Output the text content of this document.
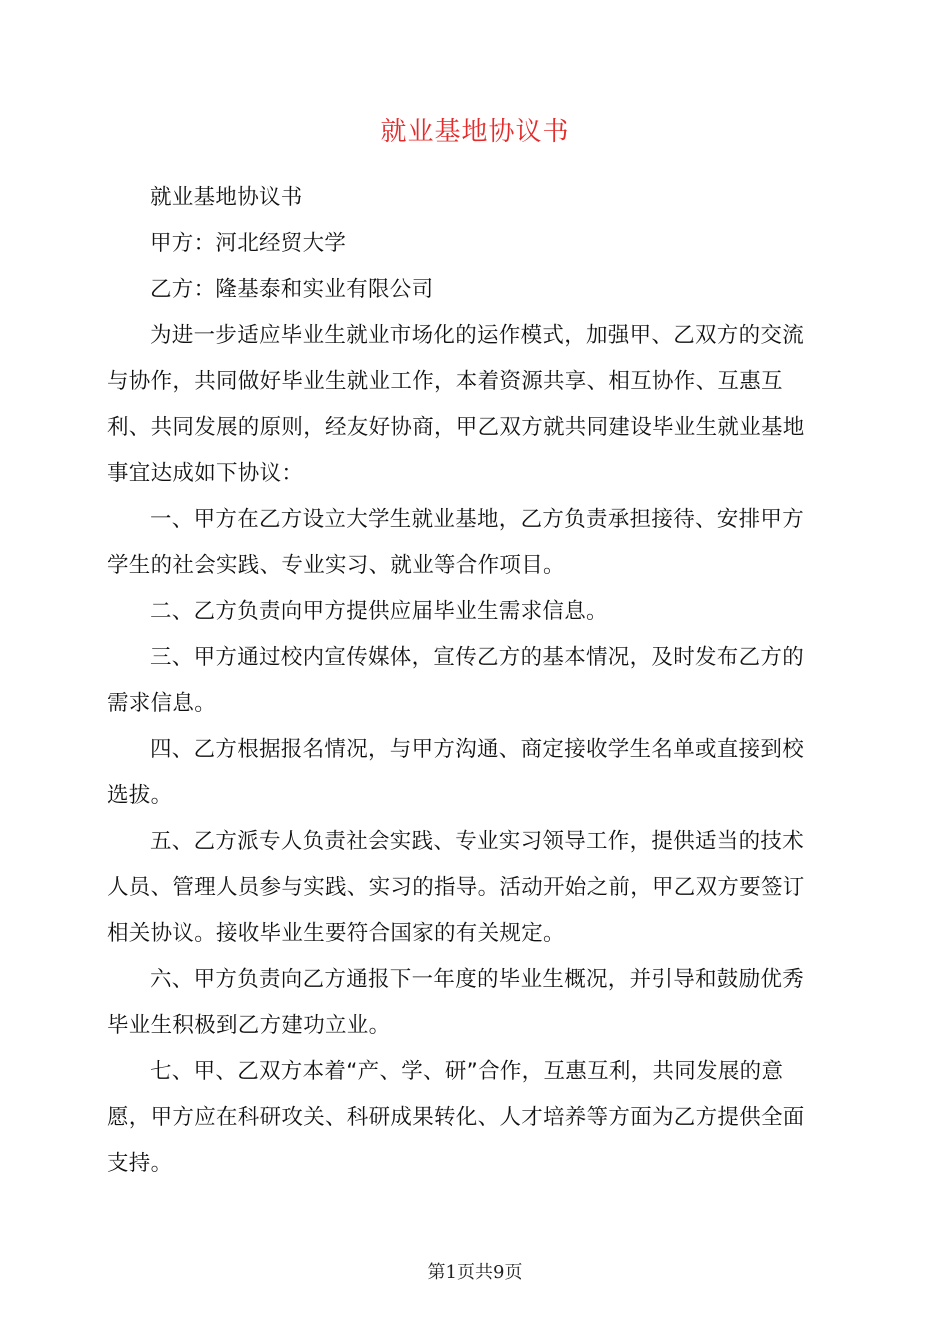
就业基地协议书

就业基地协议书

甲方：河北经贸大学

乙方：隆基泰和实业有限公司

为进一步适应毕业生就业市场化的运作模式，加强甲、乙双方的交流与协作，共同做好毕业生就业工作，本着资源共享、相互协作、互惠互利、共同发展的原则，经友好协商，甲乙双方就共同建设毕业生就业基地事宜达成如下协议：

一、甲方在乙方设立大学生就业基地，乙方负责承担接待、安排甲方学生的社会实践、专业实习、就业等合作项目。

二、乙方负责向甲方提供应届毕业生需求信息。

三、甲方通过校内宣传媒体，宣传乙方的基本情况，及时发布乙方的需求信息。

四、乙方根据报名情况，与甲方沟通、商定接收学生名单或直接到校选拔。

五、乙方派专人负责社会实践、专业实习领导工作，提供适当的技术人员、管理人员参与实践、实习的指导。活动开始之前，甲乙双方要签订相关协议。接收毕业生要符合国家的有关规定。

六、甲方负责向乙方通报下一年度的毕业生概况，并引导和鼓励优秀毕业生积极到乙方建功立业。

七、甲、乙双方本着“产、学、研”合作，互惠互利，共同发展的意愿，甲方应在科研攻关、科研成果转化、人才培养等方面为乙方提供全面支持。

第1页共9页
